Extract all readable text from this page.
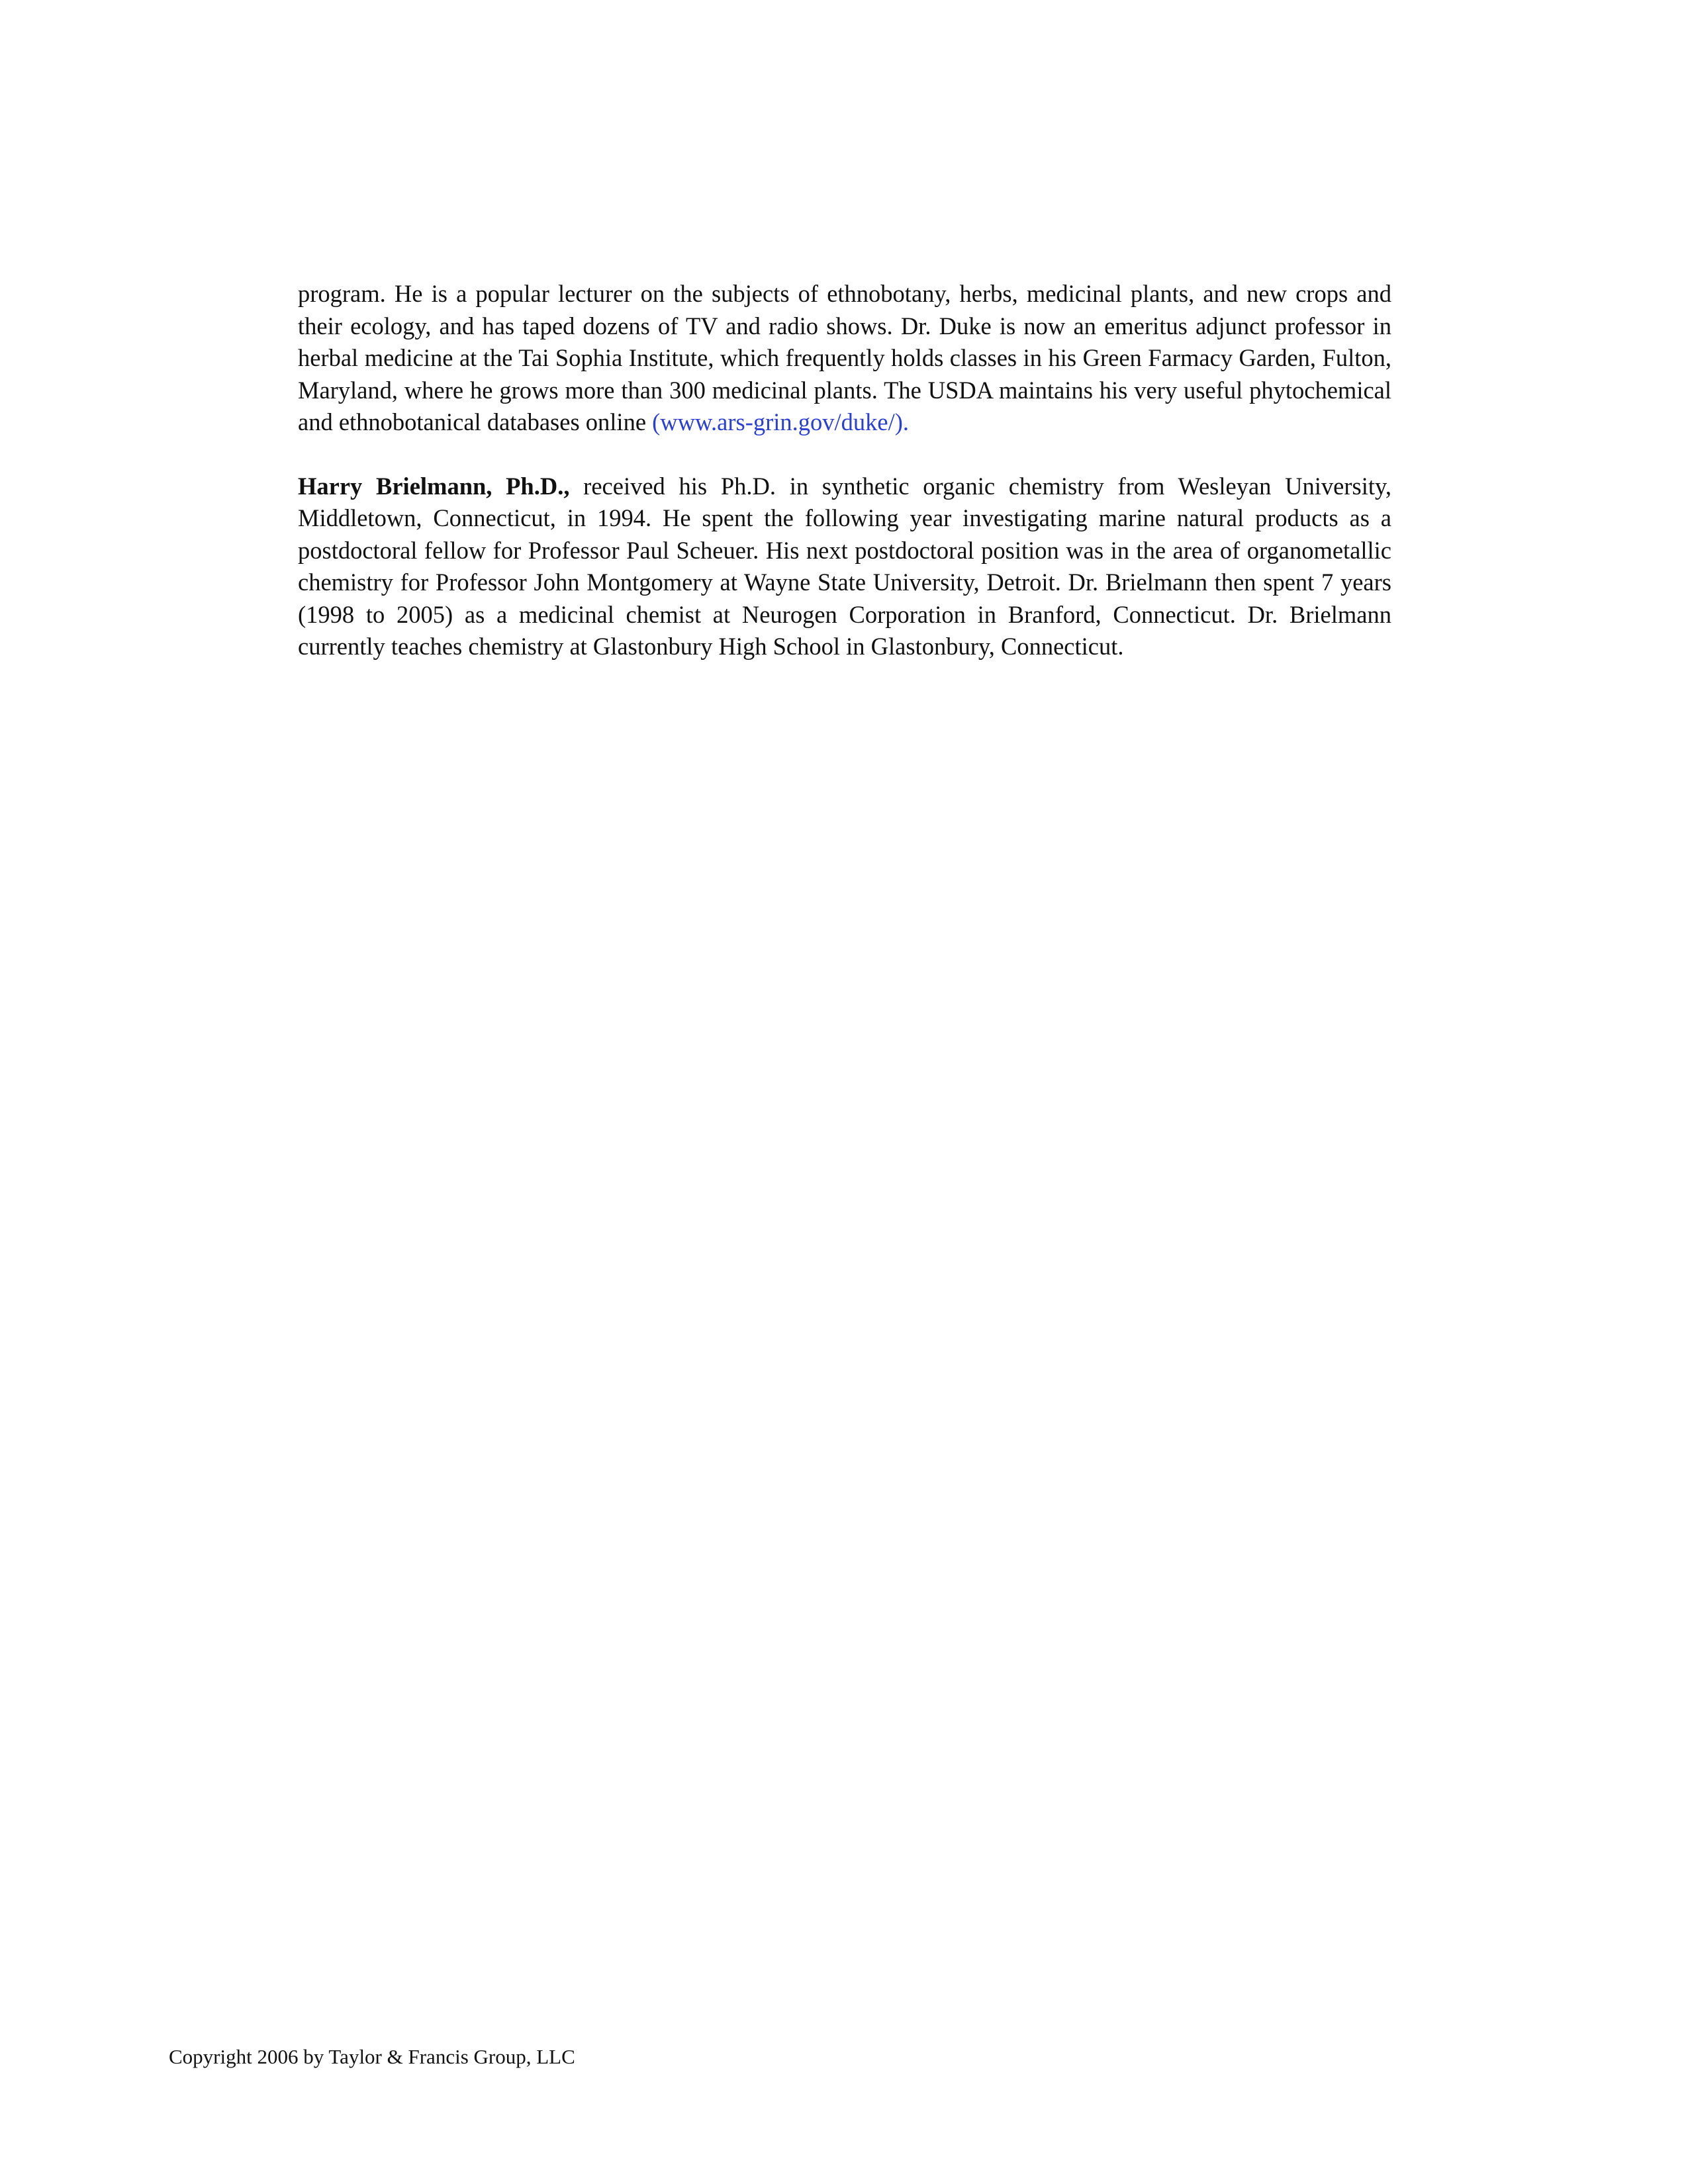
program. He is a popular lecturer on the subjects of ethnobotany, herbs, medicinal plants, and new crops and their ecology, and has taped dozens of TV and radio shows. Dr. Duke is now an emeritus adjunct professor in herbal medicine at the Tai Sophia Institute, which frequently holds classes in his Green Farmacy Garden, Fulton, Maryland, where he grows more than 300 medicinal plants. The USDA maintains his very useful phytochemical and ethnobotanical databases online (www.ars-grin.gov/duke/).

Harry Brielmann, Ph.D., received his Ph.D. in synthetic organic chemistry from Wesleyan University, Middletown, Connecticut, in 1994. He spent the following year investigating marine natural products as a postdoctoral fellow for Professor Paul Scheuer. His next postdoctoral position was in the area of organometallic chemistry for Professor John Montgomery at Wayne State University, Detroit. Dr. Brielmann then spent 7 years (1998 to 2005) as a medicinal chemist at Neurogen Corporation in Branford, Connecticut. Dr. Brielmann currently teaches chemistry at Glastonbury High School in Glastonbury, Connecticut.

Copyright 2006 by Taylor & Francis Group, LLC
